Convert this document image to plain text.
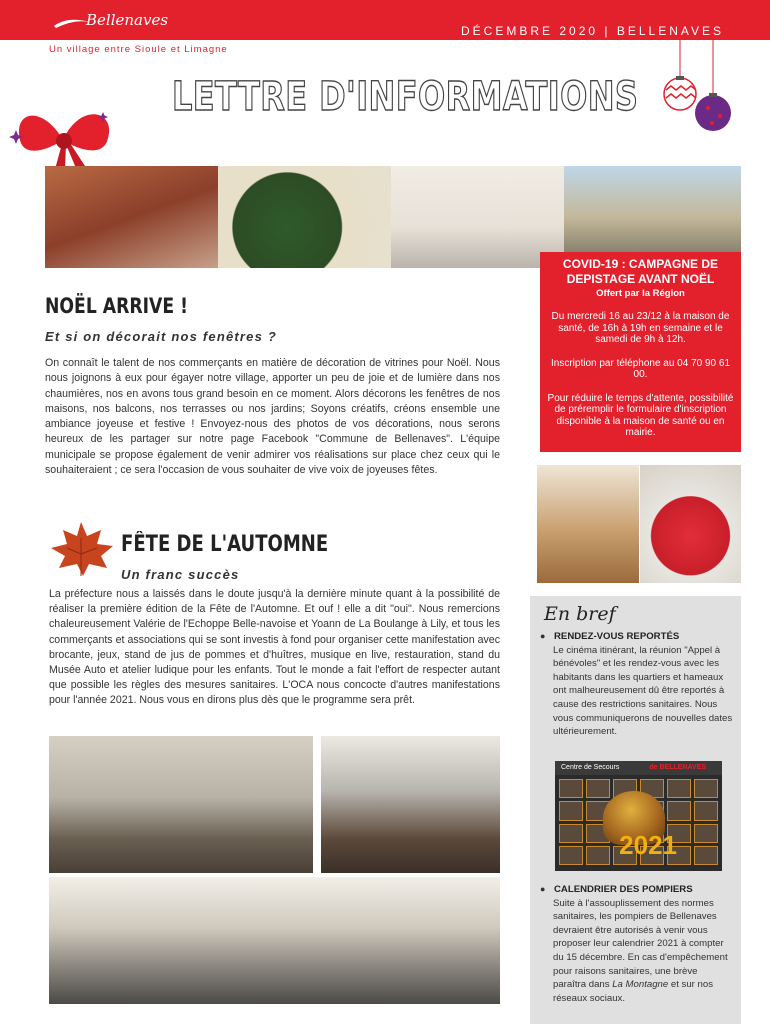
Bellenaves
DÉCEMBRE 2020 | BELLENAVES
Un village entre Sioule et Limagne
LETTRE D'INFORMATIONS
COVID-19 : CAMPAGNE DE DEPISTAGE AVANT NOËL
Offert par la Région
Du mercredi 16 au 23/12 à la maison de santé, de 16h à 19h en semaine et le samedi de 9h à 12h.
Inscription par téléphone au 04 70 90 61 00.
Pour réduire le temps d'attente, possibilité de préremplir le formulaire d'inscription disponible à la maison de santé ou en mairie.
NOËL ARRIVE !
Et si on décorait nos fenêtres ?
On connaît le talent de nos commerçants en matière de décoration de vitrines pour Noël. Nous nous joignons à eux pour égayer notre village, apporter un peu de joie et de lumière dans nos chaumières, nos en avons tous grand besoin en ce moment. Alors décorons les fenêtres de nos maisons, nos balcons, nos terrasses ou nos jardins; Soyons créatifs, créons ensemble une ambiance joyeuse et festive ! Envoyez-nous des photos de vos décorations, nous serons heureux de les partager sur notre page Facebook "Commune de Bellenaves". L'équipe municipale se propose également de venir admirer vos réalisations sur place chez ceux qui le souhaiteraient ; ce sera l'occasion de vous souhaiter de vive voix de joyeuses fêtes.
FÊTE DE L'AUTOMNE
Un franc succès
La préfecture nous a laissés dans le doute jusqu'à la dernière minute quant à la possibilité de réaliser la première édition de la Fête de l'Automne. Et ouf ! elle a dit "oui". Nous remercions chaleureusement Valérie de l'Echoppe Belle-navoise et Yoann de La Boulange à Lily, et tous les commerçants et associations qui se sont investis à fond pour organiser cette manifestation avec brocante, jeux, stand de jus de pommes et d'huîtres, musique en live, restauration, stand du Musée Auto et atelier ludique pour les enfants. Tout le monde a fait l'effort de respecter autant que possible les règles des mesures sanitaires. L'OCA nous concocte d'autres manifestations pour l'année 2021. Nous vous en dirons plus dès que le programme sera prêt.
En bref
● RENDEZ-VOUS REPORTÉS
Le cinéma itinérant, la réunion "Appel à bénévoles" et les rendez-vous avec les habitants dans les quartiers et hameaux ont malheureusement dû être reportés à cause des restrictions sanitaires. Nous vous communiquerons de nouvelles dates ultérieurement.
Centre de Secours	de BELLENAVES
2021
● CALENDRIER DES POMPIERS
Suite à l'assouplissement des normes sanitaires, les pompiers de Bellenaves devraient être autorisés à venir vous proposer leur calendrier 2021 à compter du 15 décembre. En cas d'empêchement pour raisons sanitaires, une brève paraîtra dans La Montagne et sur nos réseaux sociaux.
